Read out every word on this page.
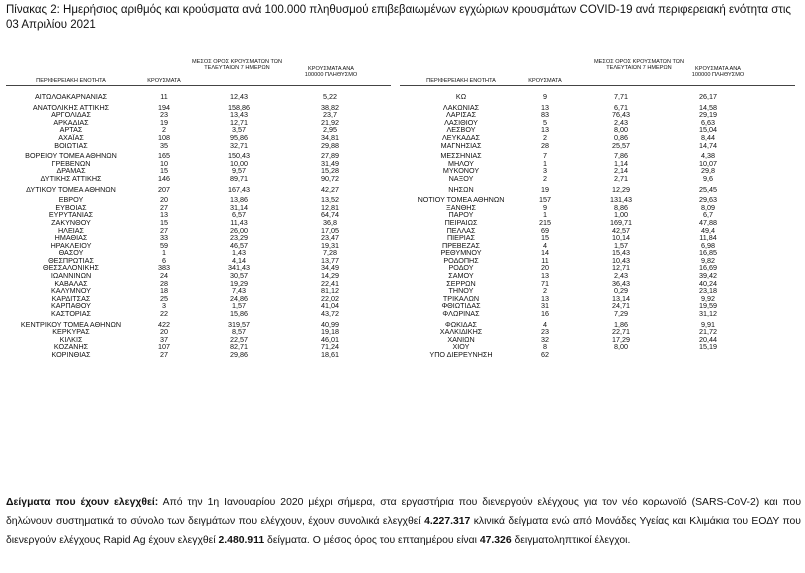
Πίνακας 2: Ημερήσιος αριθμός και κρούσματα ανά 100.000 πληθυσμού επιβεβαιωμένων εγχώριων κρουσμάτων COVID-19 ανά περιφερειακή ενότητα στις 03 Απριλίου 2021
ΠΕΡΙΦΕΡΕΙΑΚΗ ΕΝΟΤΗΤΑ	ΚΡΟΥΣΜΑΤΑ
ΜΕΣΟΣ ΟΡΟΣ ΚΡΟΥΣΜΑΤΩΝ ΤΩΝ ΤΕΛΕΥΤΑΙΩΝ 7 ΗΜΕΡΩΝ	ΚΡΟΥΣΜΑΤΑ ΑΝΑ 100000 ΠΛΗΘΥΣΜΟ
ΠΕΡΙΦΕΡΕΙΑΚΗ ΕΝΟΤΗΤΑ	ΚΡΟΥΣΜΑΤΑ
ΜΕΣΟΣ ΟΡΟΣ ΚΡΟΥΣΜΑΤΩΝ ΤΩΝ ΤΕΛΕΥΤΑΙΩΝ 7 ΗΜΕΡΩΝ	ΚΡΟΥΣΜΑΤΑ ΑΝΑ 100000 ΠΛΗΘΥΣΜΟ
ΑΙΤΩΛΟΑΚΑΡΝΑΝΙΑΣ	11	12,43	5,22
ΑΝΑΤΟΛΙΚΗΣ ΑΤΤΙΚΗΣ	194	158,86	38,82
ΑΡΓΟΛΙΔΑΣ	23	13,43	23,7
ΑΡΚΑΔΙΑΣ	19	12,71	21,92
ΑΡΤΑΣ	2	3,57	2,95
ΑΧΑΪΑΣ	108	95,86	34,81
ΒΟΙΩΤΙΑΣ	35	32,71	29,88
ΒΟΡΕΙΟΥ ΤΟΜΕΑ ΑΘΗΝΩΝ	165	150,43	27,89
ΓΡΕΒΕΝΩΝ	10	10,00	31,49
ΔΡΑΜΑΣ	15	9,57	15,28
ΔΥΤΙΚΗΣ ΑΤΤΙΚΗΣ	146	89,71	90,72
ΔΥΤΙΚΟΥ ΤΟΜΕΑ ΑΘΗΝΩΝ	207	167,43	42,27
ΕΒΡΟΥ	20	13,86	13,52
ΕΥΒΟΙΑΣ	27	31,14	12,81
ΕΥΡΥΤΑΝΙΑΣ	13	6,57	64,74
ΖΑΚΥΝΘΟΥ	15	11,43	36,8
ΗΛΕΙΑΣ	27	26,00	17,05
ΗΜΑΘΙΑΣ	33	23,29	23,47
ΗΡΑΚΛΕΙΟΥ	59	46,57	19,31
ΘΑΣΟΥ	1	1,43	7,28
ΘΕΣΠΡΩΤΙΑΣ	6	4,14	13,77
ΘΕΣΣΑΛΟΝΙΚΗΣ	383	341,43	34,49
ΙΩΑΝΝΙΝΩΝ	24	30,57	14,29
ΚΑΒΑΛΑΣ	28	19,29	22,41
ΚΑΛΥΜΝΟΥ	18	7,43	81,12
ΚΑΡΔΙΤΣΑΣ	25	24,86	22,02
ΚΑΡΠΑΘΟΥ	3	1,57	41,04
ΚΑΣΤΟΡΙΑΣ	22	15,86	43,72
ΚΕΝΤΡΙΚΟΥ ΤΟΜΕΑ ΑΘΗΝΩΝ	422	319,57	40,99
ΚΕΡΚΥΡΑΣ	20	8,57	19,18
ΚΙΛΚΙΣ	37	22,57	46,01
ΚΟΖΑΝΗΣ	107	82,71	71,24
ΚΟΡΙΝΘΙΑΣ	27	29,86	18,61
ΚΩ	9	7,71	26,17
ΛΑΚΩΝΙΑΣ	13	6,71	14,58
ΛΑΡΙΣΑΣ	83	76,43	29,19
ΛΑΣΙΘΙΟΥ	5	2,43	6,63
ΛΕΣΒΟΥ	13	8,00	15,04
ΛΕΥΚΑΔΑΣ	2	0,86	8,44
ΜΑΓΝΗΣΙΑΣ	28	25,57	14,74
ΜΕΣΣΗΝΙΑΣ	7	7,86	4,38
ΜΗΛΟΥ	1	1,14	10,07
ΜΥΚΟΝΟΥ	3	2,14	29,8
ΝΑΞΟΥ	2	2,71	9,6
ΝΗΣΩΝ	19	12,29	25,45
ΝΟΤΙΟΥ ΤΟΜΕΑ ΑΘΗΝΩΝ	157	131,43	29,63
ΞΑΝΘΗΣ	9	8,86	8,09
ΠΑΡΟΥ	1	1,00	6,7
ΠΕΙΡΑΙΩΣ	215	169,71	47,88
ΠΕΛΛΑΣ	69	42,57	49,4
ΠΙΕΡΙΑΣ	15	10,14	11,84
ΠΡΕΒΕΖΑΣ	4	1,57	6,98
ΡΕΘΥΜΝΟΥ	14	15,43	16,85
ΡΟΔΟΠΗΣ	11	10,43	9,82
ΡΟΔΟΥ	20	12,71	16,69
ΣΑΜΟΥ	13	2,43	39,42
ΣΕΡΡΩΝ	71	36,43	40,24
ΤΗΝΟΥ	2	0,29	23,18
ΤΡΙΚΑΛΩΝ	13	13,14	9,92
ΦΘΙΩΤΙΔΑΣ	31	24,71	19,59
ΦΛΩΡΙΝΑΣ	16	7,29	31,12
ΦΩΚΙΔΑΣ	4	1,86	9,91
ΧΑΛΚΙΔΙΚΗΣ	23	22,71	21,72
ΧΑΝΙΩΝ	32	17,29	20,44
ΧΙΟΥ	8	8,00	15,19
ΥΠΟ ΔΙΕΡΕΥΝΗΣΗ	62
Δείγματα που έχουν ελεγχθεί: Από την 1η Ιανουαρίου 2020 μέχρι σήμερα, στα εργαστήρια που διενεργούν ελέγχους για τον νέο κορωνοϊό (SARS-CoV-2) και που δηλώνουν συστηματικά το σύνολο των δειγμάτων που ελέγχουν, έχουν συνολικά ελεγχθεί 4.227.317 κλινικά δείγματα ενώ από Μονάδες Υγείας και Κλιμάκια του ΕΟΔΥ που διενεργούν ελέγχους Rapid Ag έχουν ελεγχθεί 2.480.911 δείγματα. Ο μέσος όρος του επταημέρου είναι 47.326 δειγματοληπτικοί έλεγχοι.
